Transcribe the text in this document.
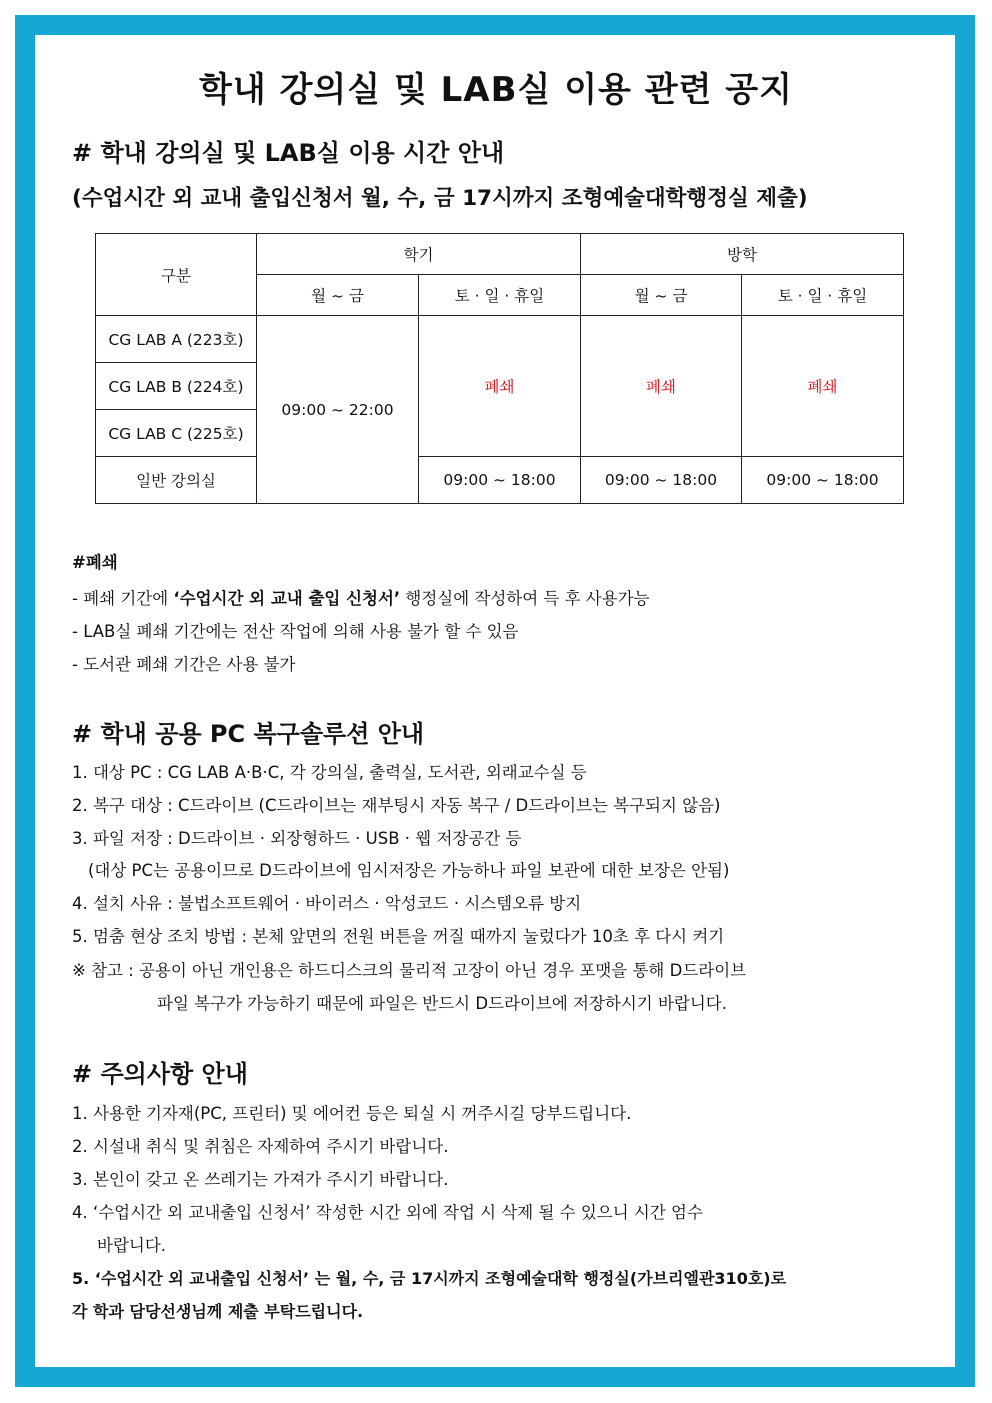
학내 강의실 및 LAB실 이용 관련 공지
# 학내 강의실 및 LAB실 이용 시간 안내
(수업시간 외 교내 출입신청서 월, 수, 금 17시까지 조형예술대학행정실 제출)
구분	학기		방학	
	월 ~ 금	토 · 일 · 휴일	월 ~ 금	토 · 일 · 휴일
CG LAB A (223호)	09:00 ~ 22:00	폐쇄	폐쇄	폐쇄
CG LAB B (224호)				
CG LAB C (225호)				
일반 강의실		09:00 ~ 18:00	09:00 ~ 18:00	09:00 ~ 18:00
#폐쇄
- 폐쇄 기간에 ‘수업시간 외 교내 출입 신청서’ 행정실에 작성하여 득 후 사용가능
- LAB실 폐쇄 기간에는 전산 작업에 의해 사용 불가 할 수 있음
- 도서관 폐쇄 기간은 사용 불가
# 학내 공용 PC 복구솔루션 안내
1. 대상 PC : CG LAB A·B·C, 각 강의실, 출력실, 도서관, 외래교수실 등
2. 복구 대상 : C드라이브 (C드라이브는 재부팅시 자동 복구 / D드라이브는 복구되지 않음)
3. 파일 저장 : D드라이브 · 외장형하드 · USB · 웹 저장공간 등
(대상 PC는 공용이므로 D드라이브에 임시저장은 가능하나 파일 보관에 대한 보장은 안됨)
4. 설치 사유 : 불법소프트웨어 · 바이러스 · 악성코드 · 시스템오류 방지
5. 멈춤 현상 조치 방법 : 본체 앞면의 전원 버튼을 꺼질 때까지 눌렀다가 10초 후 다시 켜기
※ 참고 : 공용이 아닌 개인용은 하드디스크의 물리적 고장이 아닌 경우 포맷을 통해 D드라이브
파일 복구가 가능하기 때문에 파일은 반드시 D드라이브에 저장하시기 바랍니다.
# 주의사항 안내
1. 사용한 기자재(PC, 프린터) 및 에어컨 등은 퇴실 시 꺼주시길 당부드립니다.
2. 시설내 취식 및 취침은 자제하여 주시기 바랍니다.
3. 본인이 갖고 온 쓰레기는 가져가 주시기 바랍니다.
4. ‘수업시간 외 교내출입 신청서’ 작성한 시간 외에 작업 시 삭제 될 수 있으니 시간 엄수
바랍니다.
5. ‘수업시간 외 교내출입 신청서’ 는 월, 수, 금 17시까지 조형예술대학 행정실(가브리엘관310호)로
각 학과 담당선생님께 제출 부탁드립니다.
